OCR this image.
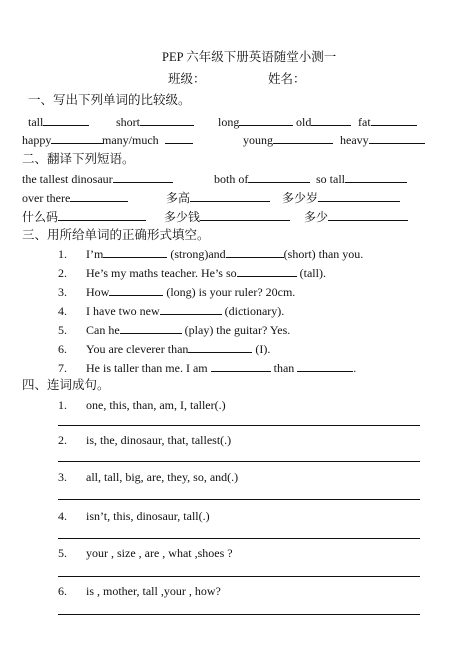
PEP 六年级下册英语随堂小测一
班级：	姓名：
一、写出下列单词的比较级。
tall	short	long	old	fat
happy	many/much	young	heavy
二、翻译下列短语。
the tallest dinosaur	both of	so tall
over there	多高	多少岁
什么码	多少钱	多少
三、用所给单词的正确形式填空。
1. I’m	(strong)and	(short) than you.
2. He’s my maths teacher. He’s so	(tall).
3. How	(long) is your ruler? 20cm.
4. I have two new	(dictionary).
5. Can he	(play) the guitar? Yes.
6. You are cleverer than	(I).
7. He is taller than me. I am	than	.
四、连词成句。
1. one, this, than, am, I, taller(.)
2. is, the, dinosaur, that, tallest(.)
3. all, tall, big, are, they, so, and(.)
4. isn’t, this, dinosaur, tall(.)
5. your , size , are , what ,shoes ?
6. is , mother, tall ,your , how?
